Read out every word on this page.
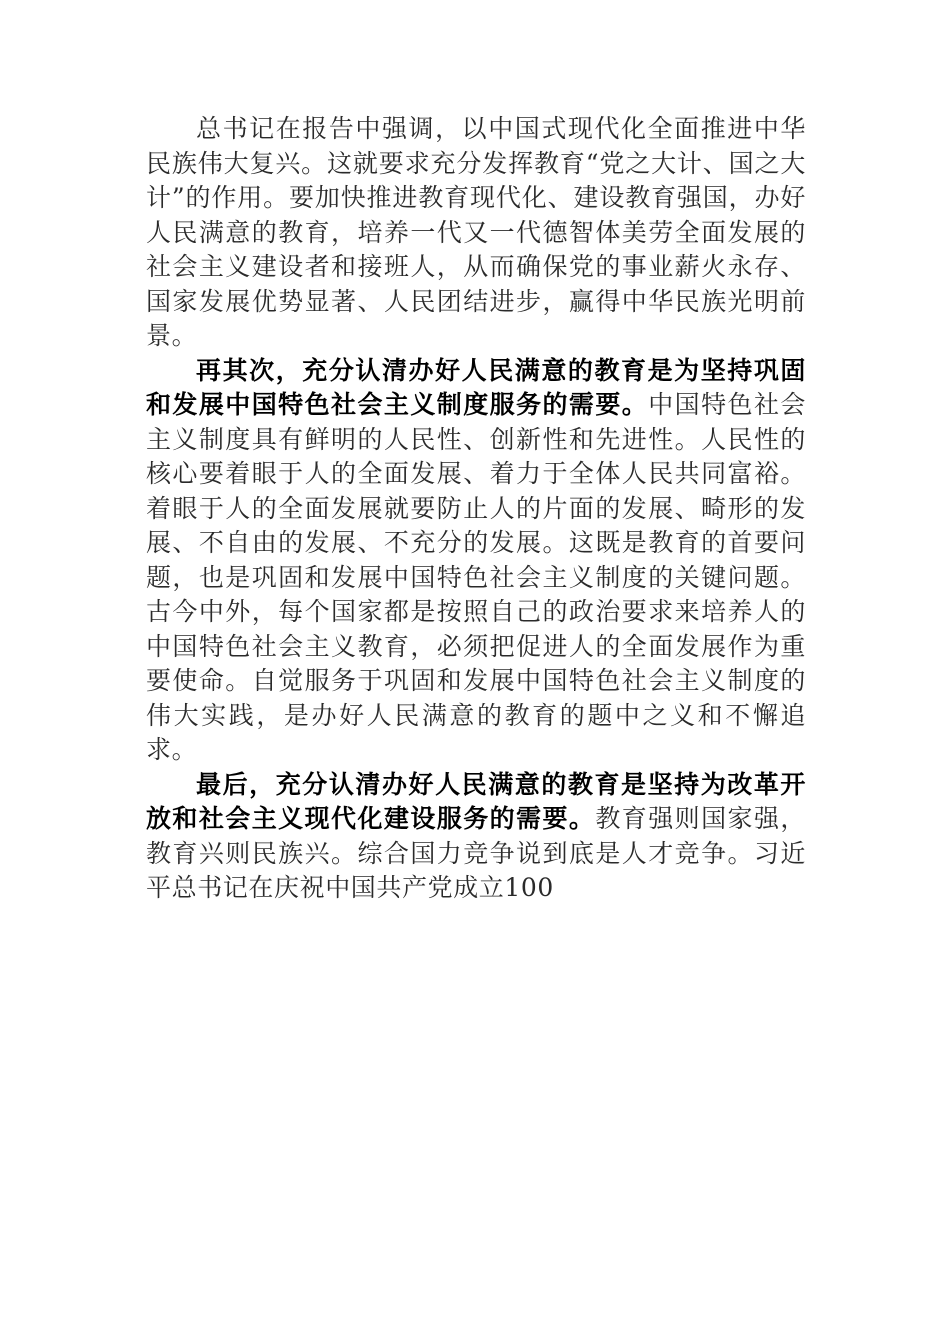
总书记在报告中强调，以中国式现代化全面推进中华民族伟大复兴。这就要求充分发挥教育“党之大计、国之大计”的作用。要加快推进教育现代化、建设教育强国，办好人民满意的教育，培养一代又一代德智体美劳全面发展的社会主义建设者和接班人，从而确保党的事业薪火永存、国家发展优势显著、人民团结进步，赢得中华民族光明前景。

再其次，充分认清办好人民满意的教育是为坚持巩固和发展中国特色社会主义制度服务的需要。中国特色社会主义制度具有鲜明的人民性、创新性和先进性。人民性的核心要着眼于人的全面发展、着力于全体人民共同富裕。着眼于人的全面发展就要防止人的片面的发展、畸形的发展、不自由的发展、不充分的发展。这既是教育的首要问题，也是巩固和发展中国特色社会主义制度的关键问题。古今中外，每个国家都是按照自己的政治要求来培养人的中国特色社会主义教育，必须把促进人的全面发展作为重要使命。自觉服务于巩固和发展中国特色社会主义制度的伟大实践，是办好人民满意的教育的题中之义和不懈追求。

最后，充分认清办好人民满意的教育是坚持为改革开放和社会主义现代化建设服务的需要。教育强则国家强，教育兴则民族兴。综合国力竞争说到底是人才竞争。习近平总书记在庆祝中国共产党成立100
